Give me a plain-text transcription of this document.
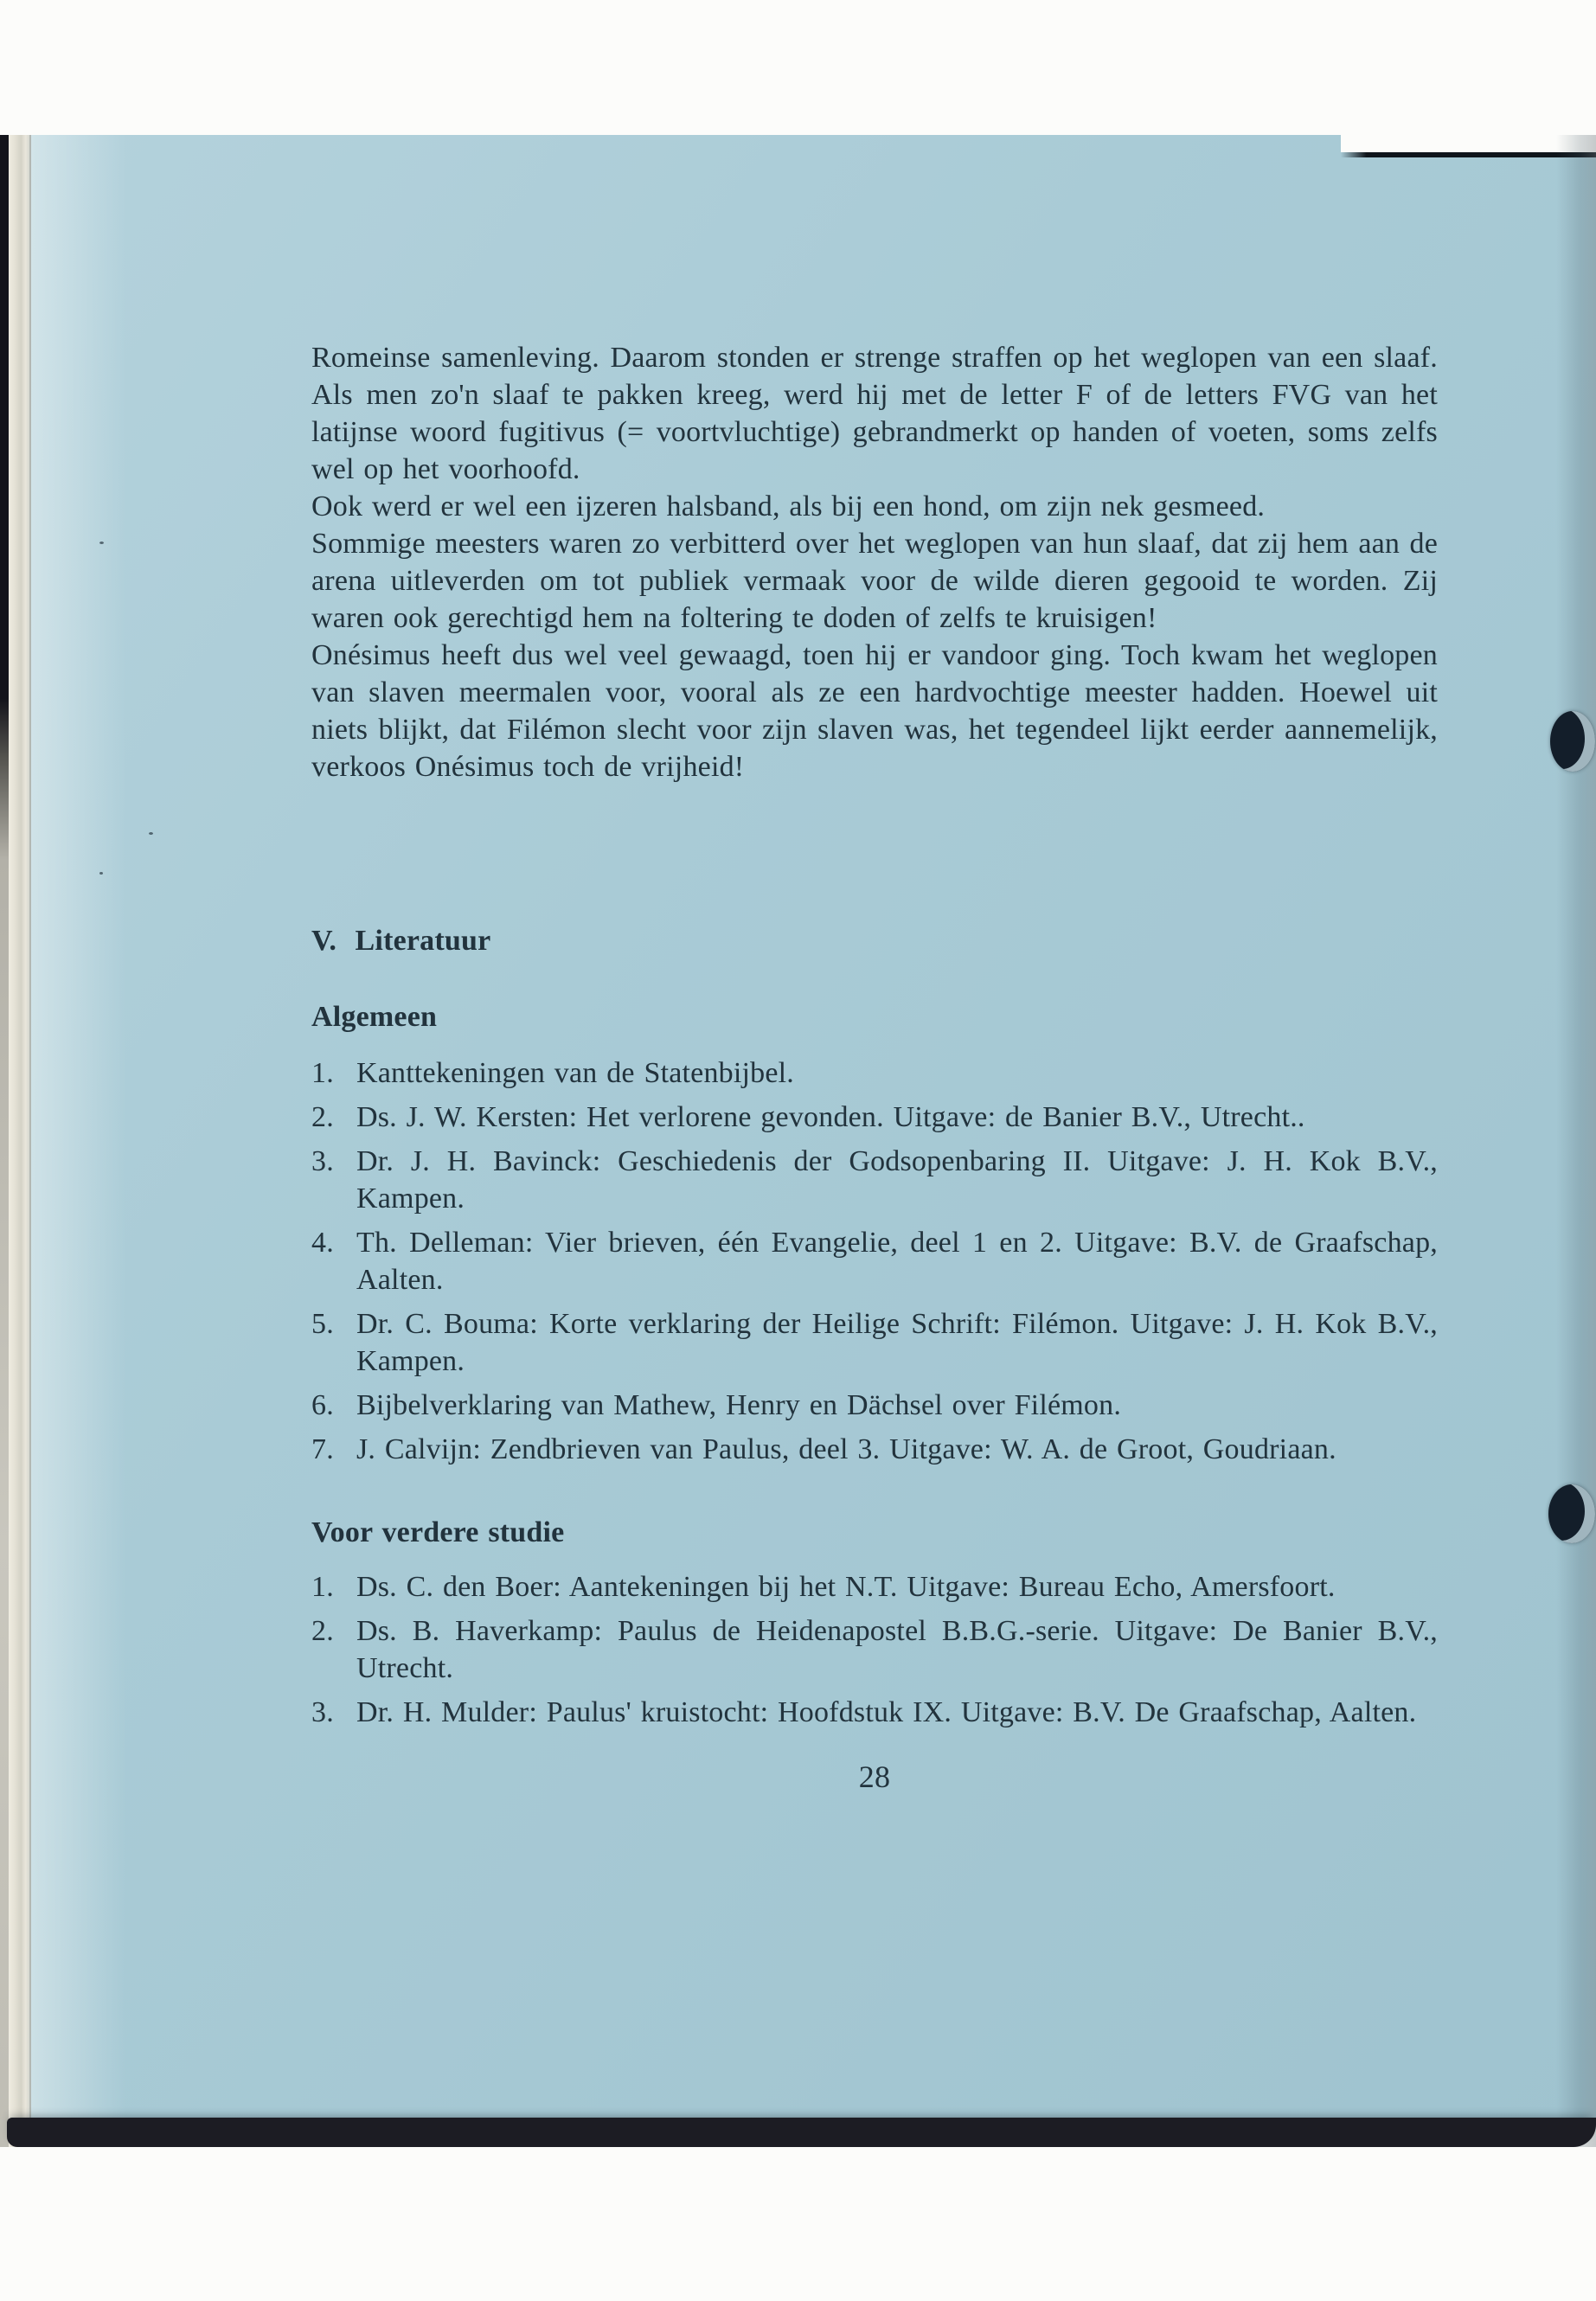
Romeinse samenleving. Daarom stonden er strenge straffen op het weglopen van een slaaf. Als men zo'n slaaf te pakken kreeg, werd hij met de letter F of de letters FVG van het latijnse woord fugitivus (= voortvluchtige) gebrandmerkt op handen of voeten, soms zelfs wel op het voorhoofd.

Ook werd er wel een ijzeren halsband, als bij een hond, om zijn nek gesmeed.

Sommige meesters waren zo verbitterd over het weglopen van hun slaaf, dat zij hem aan de arena uitleverden om tot publiek vermaak voor de wilde dieren gegooid te worden. Zij waren ook gerechtigd hem na foltering te doden of zelfs te kruisigen!

Onésimus heeft dus wel veel gewaagd, toen hij er vandoor ging. Toch kwam het weglopen van slaven meermalen voor, vooral als ze een hardvochtige meester hadden. Hoewel uit niets blijkt, dat Filémon slecht voor zijn slaven was, het tegendeel lijkt eerder aannemelijk, verkoos Onésimus toch de vrijheid!

V.  Literatuur
Algemeen
1. Kanttekeningen van de Statenbijbel.
2. Ds. J. W. Kersten: Het verlorene gevonden. Uitgave: de Banier B.V., Utrecht..
3. Dr. J. H. Bavinck: Geschiedenis der Godsopenbaring II. Uitgave: J. H. Kok B.V., Kampen.
4. Th. Delleman: Vier brieven, één Evangelie, deel 1 en 2. Uitgave: B.V. de Graafschap, Aalten.
5. Dr. C. Bouma: Korte verklaring der Heilige Schrift: Filémon. Uitgave: J. H. Kok B.V., Kampen.
6. Bijbelverklaring van Mathew, Henry en Dächsel over Filémon.
7. J. Calvijn: Zendbrieven van Paulus, deel 3. Uitgave: W. A. de Groot, Goudriaan.
Voor verdere studie
1. Ds. C. den Boer: Aantekeningen bij het N.T. Uitgave: Bureau Echo, Amersfoort.
2. Ds. B. Haverkamp: Paulus de Heidenapostel B.B.G.-serie. Uitgave: De Banier B.V., Utrecht.
3. Dr. H. Mulder: Paulus' kruistocht: Hoofdstuk IX. Uitgave: B.V. De Graafschap, Aalten.
28
